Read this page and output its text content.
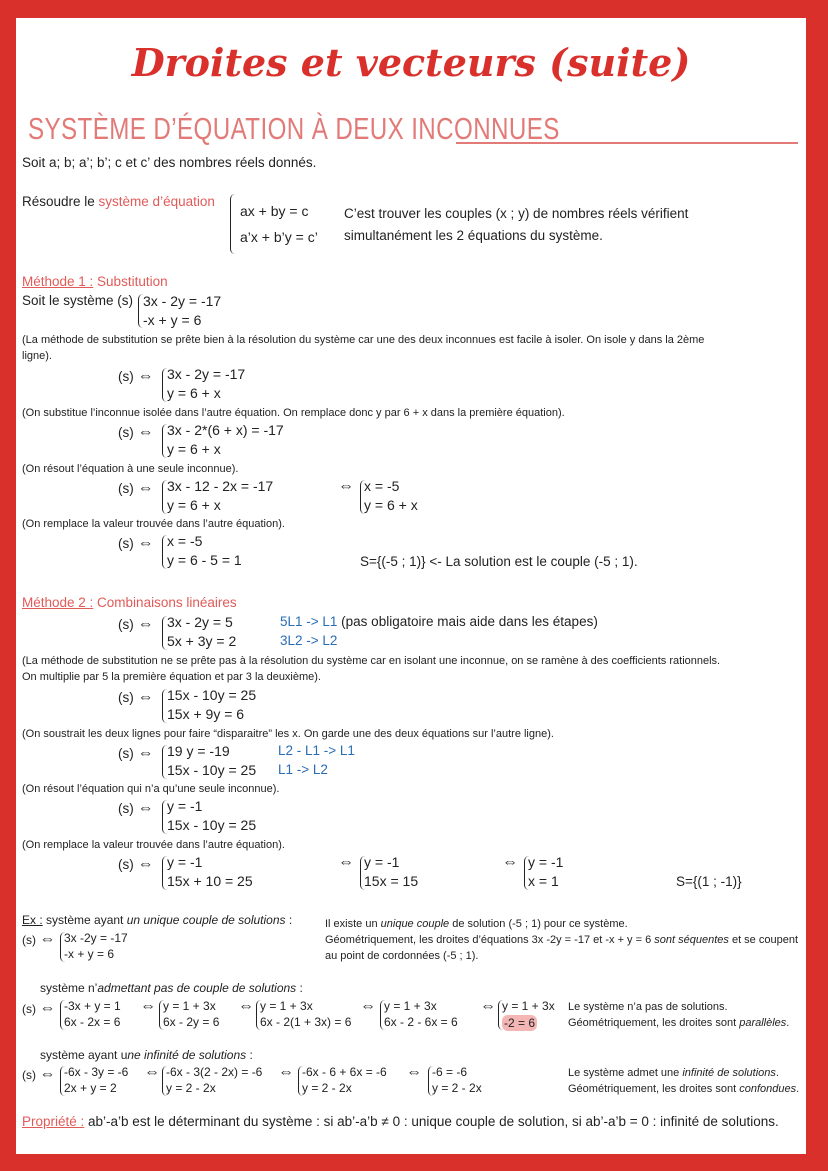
Droites et vecteurs (suite)
SYSTÈME D’ÉQUATION À DEUX INCONNUES
Soit a; b; a’; b’; c et c’ des nombres réels donnés.
Résoudre le système d’équation
ax + by = c
a’x + b’y = c’
C’est trouver les couples (x ; y) de nombres réels vérifient
simultanément les 2 équations du système.
Méthode 1 : Substitution
Soit le système (s) 3x - 2y = -17
-x + y = 6
(La méthode de substitution se prête bien à la résolution du système car une des deux inconnues est facile à isoler. On isole y dans la 2ème
ligne).
(s) ⇔ 3x - 2y = -17
y = 6 + x
(On substitue l’inconnue isolée dans l’autre équation. On remplace donc y par 6 + x dans la première équation).
(s) ⇔ 3x - 2*(6 + x) = -17
y = 6 + x
(On résout l’équation à une seule inconnue).
(s) ⇔ 3x - 12 - 2x = -17
y = 6 + x
⇔ x = -5
y = 6 + x
(On remplace la valeur trouvée dans l’autre équation).
(s) ⇔ x = -5
y = 6 - 5 = 1	S={(-5 ; 1)} <- La solution est le couple (-5 ; 1).
Méthode 2 : Combinaisons linéaires
(s) ⇔ 3x - 2y = 5
5x + 3y = 2
5L1 -> L1 (pas obligatoire mais aide dans les étapes)
3L2 -> L2
(La méthode de substitution ne se prête pas à la résolution du système car en isolant une inconnue, on se ramène à des coefficients rationnels.
On multiplie par 5 la première équation et par 3 la deuxième).
(s) ⇔ 15x - 10y = 25
15x + 9y = 6
(On soustrait les deux lignes pour faire “disparaitre” les x. On garde une des deux équations sur l’autre ligne).
(s) ⇔ 19 y = -19
15x - 10y = 25
L2 - L1 -> L1
L1 -> L2
(On résout l’équation qui n’a qu’une seule inconnue).
(s) ⇔ y = -1
15x - 10y = 25
(On remplace la valeur trouvée dans l’autre équation).
(s) ⇔ y = -1
15x + 10 = 25
⇔ y = -1
15x = 15
⇔ y = -1
x = 1	S={(1 ; -1)}
Ex : système ayant un unique couple de solutions :
(s) ⇔ 3x -2y = -17
-x + y = 6
Il existe un unique couple de solution (-5 ; 1) pour ce système.
Géométriquement, les droites d’équations 3x -2y = -17 et -x + y = 6 sont séquentes et se coupent
au point de cordonnées (-5 ; 1).
système n’admettant pas de couple de solutions :
(s) ⇔ -3x + y = 1
6x - 2x = 6
⇔ y = 1 + 3x
6x - 2y = 6
⇔ y = 1 + 3x
6x - 2(1 + 3x) = 6
⇔ y = 1 + 3x
6x - 2 - 6x = 6
⇔ y = 1 + 3x
-2 = 6
Le système n’a pas de solutions.
Géométriquement, les droites sont parallèles.
système ayant une infinité de solutions :
(s) ⇔ -6x - 3y = -6
2x + y = 2
⇔ -6x - 3(2 - 2x) = -6
y = 2 - 2x
⇔ -6x - 6 + 6x = -6
y = 2 - 2x
⇔ -6 = -6
y = 2 - 2x
Le système admet une infinité de solutions.
Géométriquement, les droites sont confondues.
Propriété : ab’-a’b est le déterminant du système : si ab’-a’b ≠ 0 : unique couple de solution, si ab’-a’b = 0 : infinité de solutions.
